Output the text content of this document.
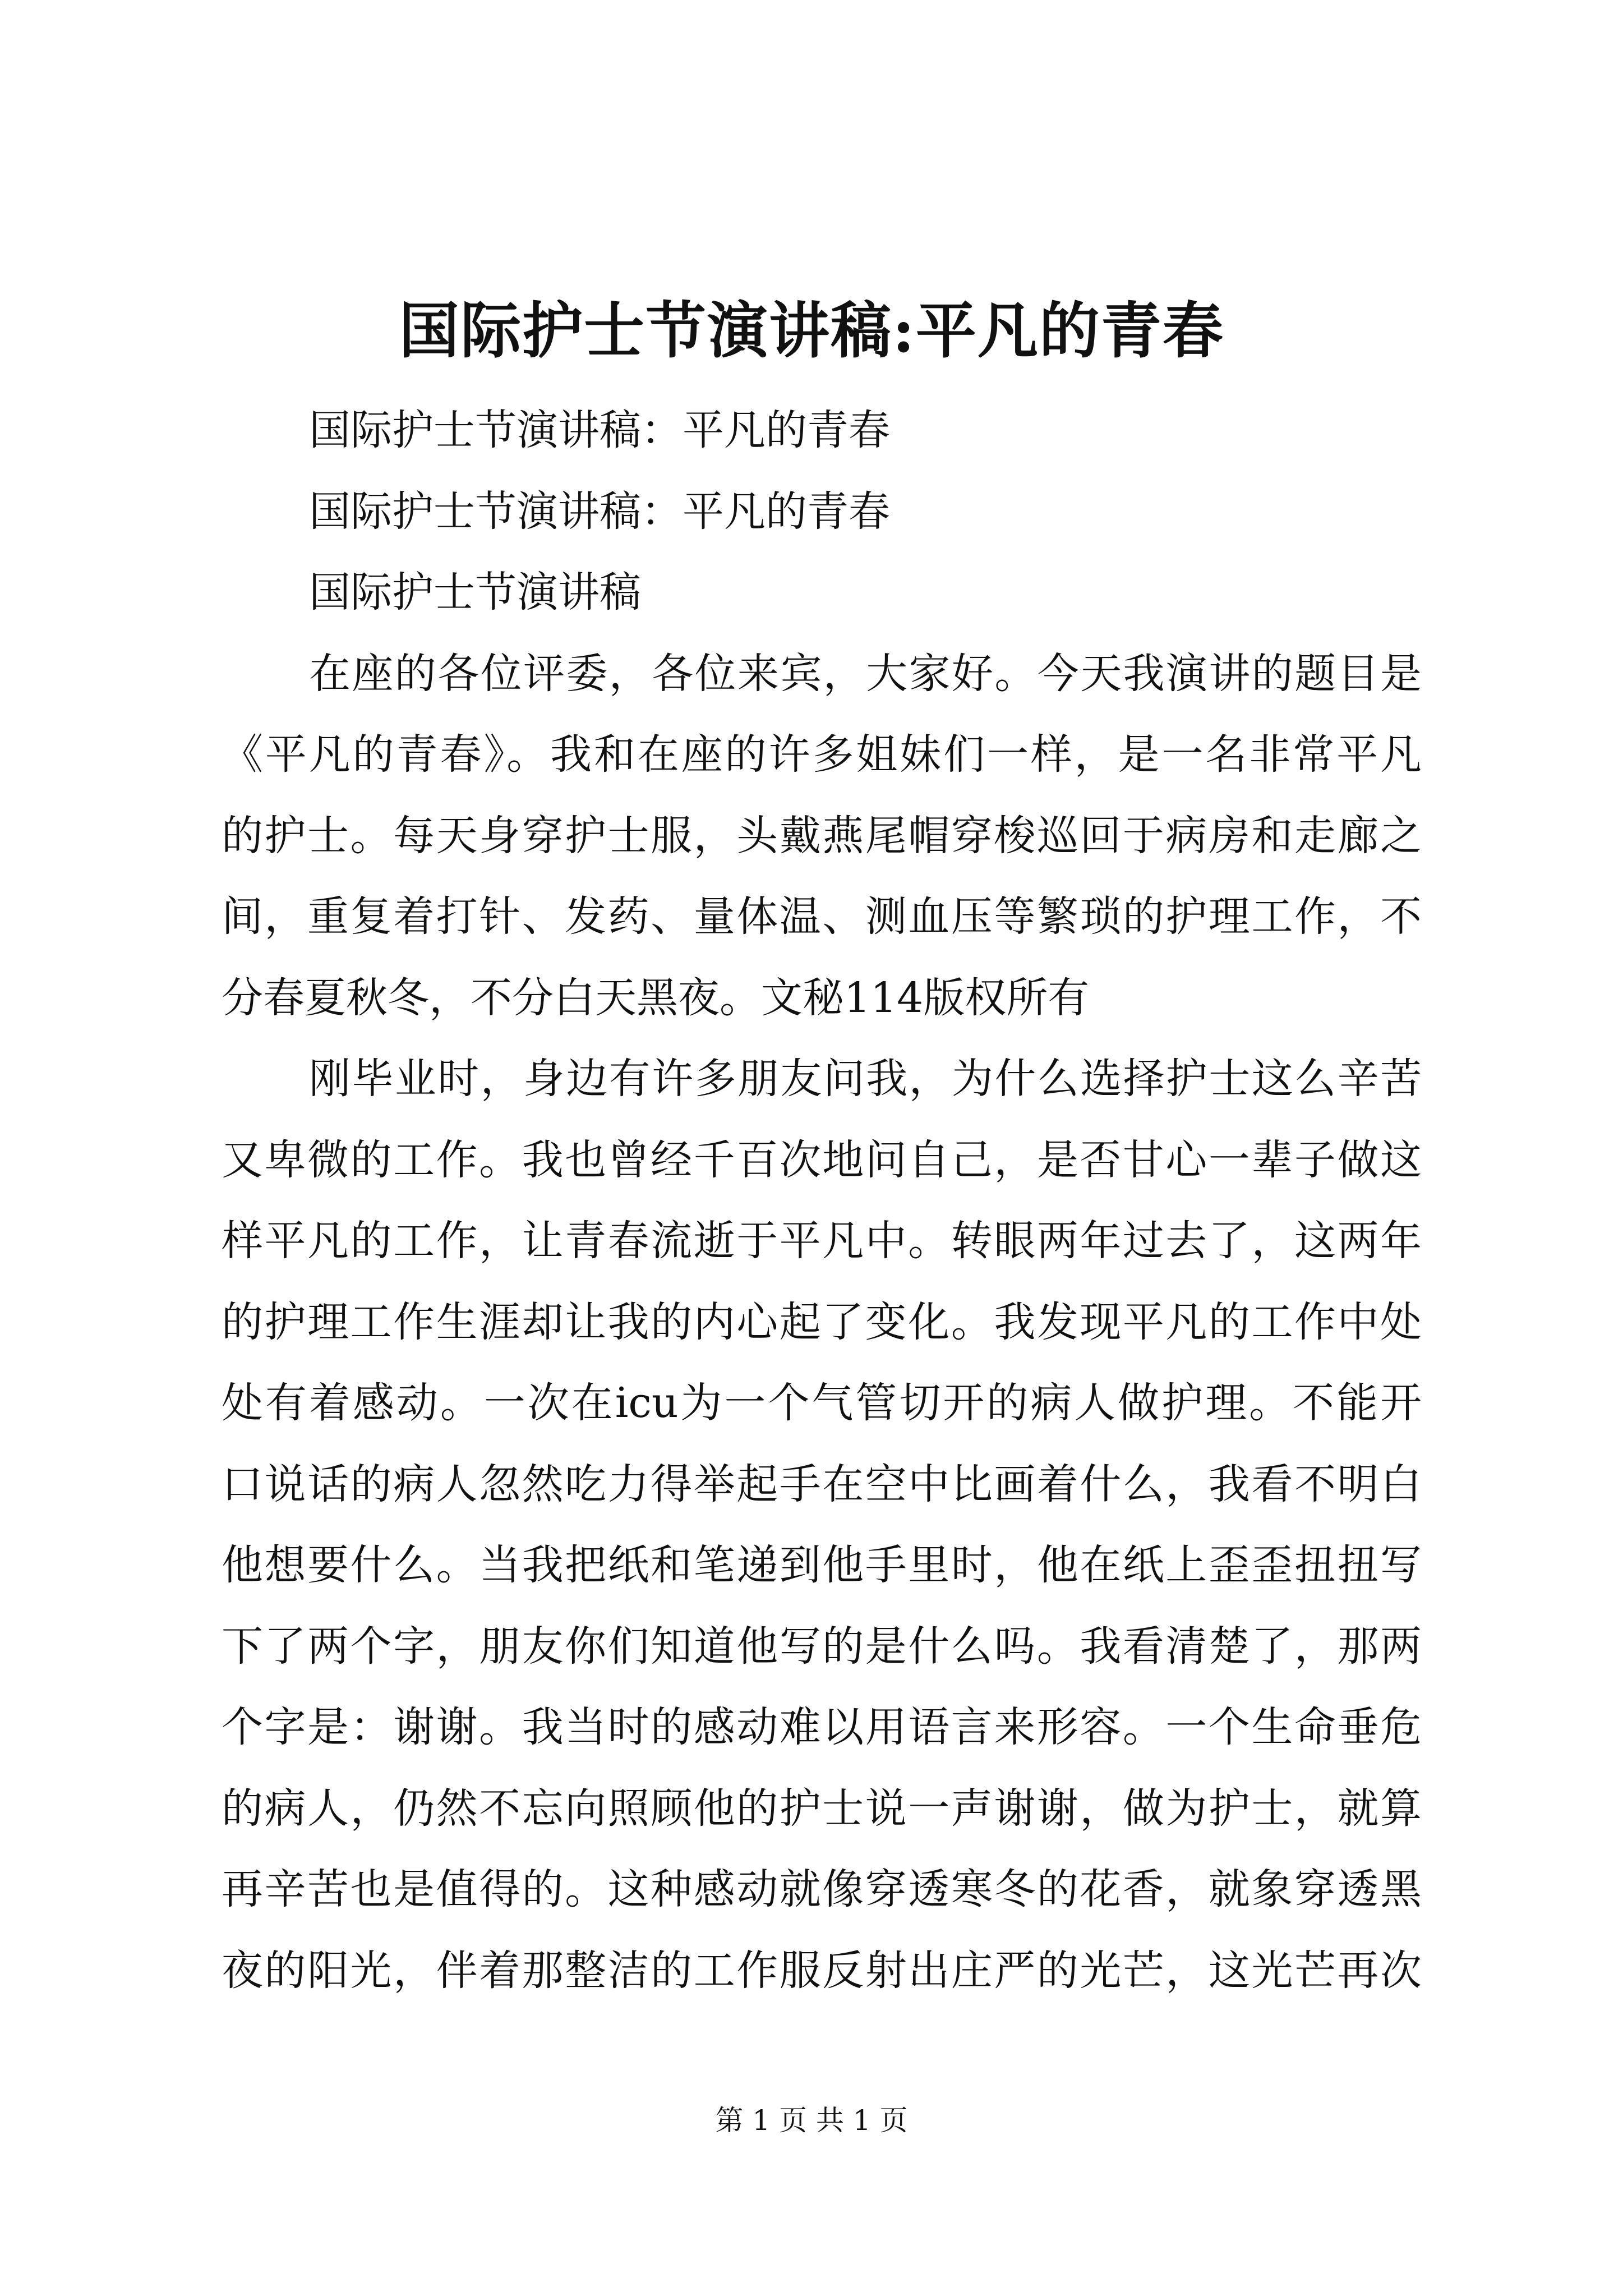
国际护士节演讲稿:平凡的青春

国际护士节演讲稿：平凡的青春

国际护士节演讲稿：平凡的青春

国际护士节演讲稿

在座的各位评委，各位来宾，大家好。今天我演讲的题目是

《平凡的青春》。我和在座的许多姐妹们一样，是一名非常平凡

的护士。每天身穿护士服，头戴燕尾帽穿梭巡回于病房和走廊之

间，重复着打针、发药、量体温、测血压等繁琐的护理工作，不

分春夏秋冬，不分白天黑夜。文秘114版权所有

刚毕业时，身边有许多朋友问我，为什么选择护士这么辛苦

又卑微的工作。我也曾经千百次地问自己，是否甘心一辈子做这

样平凡的工作，让青春流逝于平凡中。转眼两年过去了，这两年

的护理工作生涯却让我的内心起了变化。我发现平凡的工作中处

处有着感动。一次在icu为一个气管切开的病人做护理。不能开

口说话的病人忽然吃力得举起手在空中比画着什么，我看不明白

他想要什么。当我把纸和笔递到他手里时，他在纸上歪歪扭扭写

下了两个字，朋友你们知道他写的是什么吗。我看清楚了，那两

个字是：谢谢。我当时的感动难以用语言来形容。一个生命垂危

的病人，仍然不忘向照顾他的护士说一声谢谢，做为护士，就算

再辛苦也是值得的。这种感动就像穿透寒冬的花香，就象穿透黑

夜的阳光，伴着那整洁的工作服反射出庄严的光芒，这光芒再次

第 1 页 共 1 页
